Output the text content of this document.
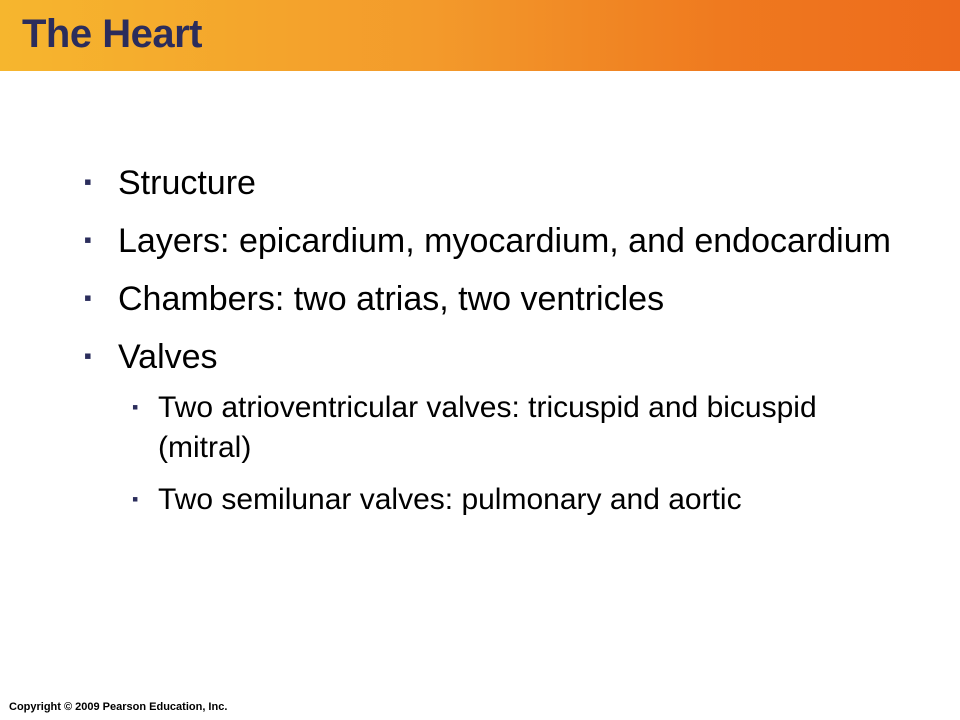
The Heart
▪ Structure
▪ Layers: epicardium, myocardium, and endocardium
▪ Chambers: two atrias, two ventricles
▪ Valves
▪ Two atrioventricular valves: tricuspid and bicuspid (mitral)
▪ Two semilunar valves: pulmonary and aortic
Copyright © 2009 Pearson Education, Inc.
